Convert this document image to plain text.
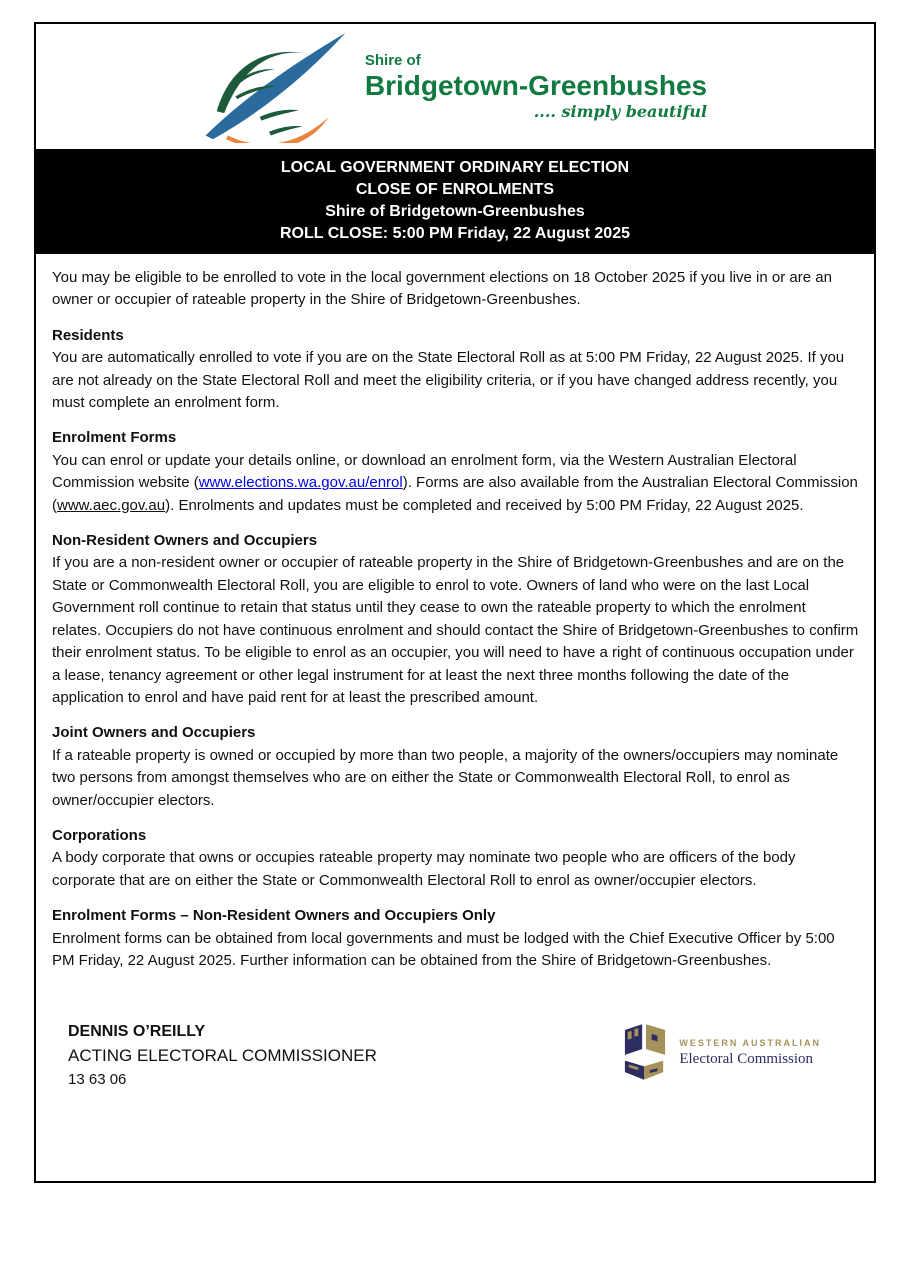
Shire of
Bridgetown-Greenbushes
.... simply beautiful
LOCAL GOVERNMENT ORDINARY ELECTION
CLOSE OF ENROLMENTS
Shire of Bridgetown-Greenbushes
ROLL CLOSE: 5:00 PM Friday, 22 August 2025

You may be eligible to be enrolled to vote in the local government elections on 18 October 2025 if you live in or are an owner or occupier of rateable property in the Shire of Bridgetown-Greenbushes.

Residents

You are automatically enrolled to vote if you are on the State Electoral Roll as at 5:00 PM Friday, 22 August 2025. If you are not already on the State Electoral Roll and meet the eligibility criteria, or if you have changed address recently, you must complete an enrolment form.

Enrolment Forms

You can enrol or update your details online, or download an enrolment form, via the Western Australian Electoral Commission website (www.elections.wa.gov.au/enrol). Forms are also available from the Australian Electoral Commission (www.aec.gov.au). Enrolments and updates must be completed and received by 5:00 PM Friday, 22 August 2025.

Non-Resident Owners and Occupiers

If you are a non-resident owner or occupier of rateable property in the Shire of Bridgetown-Greenbushes and are on the State or Commonwealth Electoral Roll, you are eligible to enrol to vote. Owners of land who were on the last Local Government roll continue to retain that status until they cease to own the rateable property to which the enrolment relates. Occupiers do not have continuous enrolment and should contact the Shire of Bridgetown-Greenbushes to confirm their enrolment status. To be eligible to enrol as an occupier, you will need to have a right of continuous occupation under a lease, tenancy agreement or other legal instrument for at least the next three months following the date of the application to enrol and have paid rent for at least the prescribed amount.

Joint Owners and Occupiers

If a rateable property is owned or occupied by more than two people, a majority of the owners/occupiers may nominate two persons from amongst themselves who are on either the State or Commonwealth Electoral Roll, to enrol as owner/occupier electors.

Corporations

A body corporate that owns or occupies rateable property may nominate two people who are officers of the body corporate that are on either the State or Commonwealth Electoral Roll to enrol as owner/occupier electors.

Enrolment Forms – Non-Resident Owners and Occupiers Only

Enrolment forms can be obtained from local governments and must be lodged with the Chief Executive Officer by 5:00 PM Friday, 22 August 2025. Further information can be obtained from the Shire of Bridgetown-Greenbushes.

DENNIS O’REILLY
ACTING ELECTORAL COMMISSIONER
13 63 06
WESTERN AUSTRALIAN
Electoral Commission
